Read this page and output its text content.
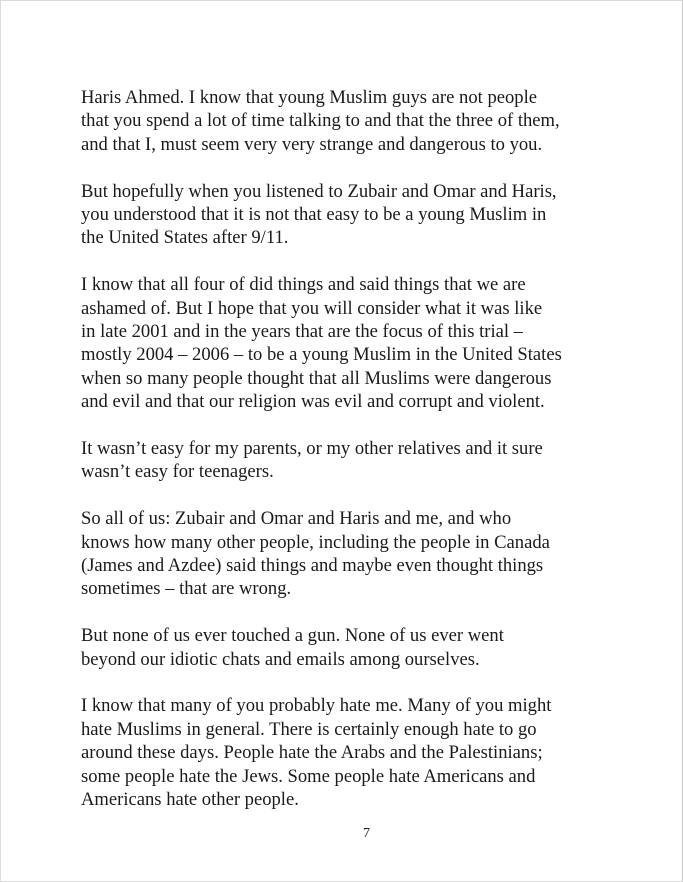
Haris Ahmed. I know that young Muslim guys are not people
that you spend a lot of time talking to and that the three of them,
and that I, must seem very very strange and dangerous to you.

But hopefully when you listened to Zubair and Omar and Haris,
you understood that it is not that easy to be a young Muslim in
the United States after 9/11.

I know that all four of did things and said things that we are
ashamed of. But I hope that you will consider what it was like
in late 2001 and in the years that are the focus of this trial –
mostly 2004 – 2006 – to be a young Muslim in the United States
when so many people thought that all Muslims were dangerous
and evil and that our religion was evil and corrupt and violent.

It wasn’t easy for my parents, or my other relatives and it sure
wasn’t easy for teenagers.

So all of us: Zubair and Omar and Haris and me, and who
knows how many other people, including the people in Canada
(James and Azdee) said things and maybe even thought things
sometimes – that are wrong.

But none of us ever touched a gun. None of us ever went
beyond our idiotic chats and emails among ourselves.

I know that many of you probably hate me. Many of you might
hate Muslims in general. There is certainly enough hate to go
around these days. People hate the Arabs and the Palestinians;
some people hate the Jews. Some people hate Americans and
Americans hate other people.

7
